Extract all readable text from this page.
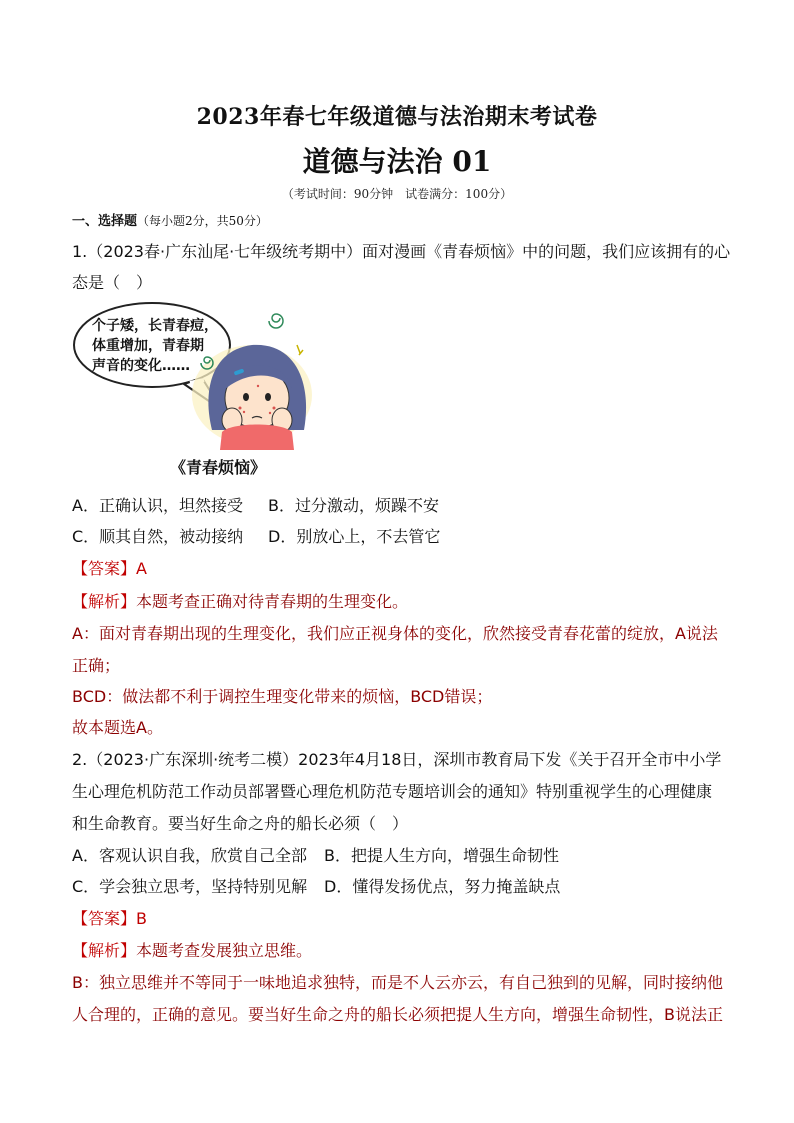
2023年春七年级道德与法治期末考试卷
道德与法治 01
（考试时间：90分钟　试卷满分：100分）
一、选择题（每小题2分，共50分）
1.（2023春·广东汕尾·七年级统考期中）面对漫画《青春烦恼》中的问题，我们应该拥有的心
态是（　）
个子矮，长青春痘，
体重增加，青春期
声音的变化……
《青春烦恼》
A．正确认识，坦然接受 B．过分激动，烦躁不安
C．顺其自然，被动接纳 D．别放心上，不去管它
【答案】A
【解析】本题考查正确对待青春期的生理变化。
A：面对青春期出现的生理变化，我们应正视身体的变化，欣然接受青春花蕾的绽放，A说法
正确；
BCD：做法都不利于调控生理变化带来的烦恼，BCD错误；
故本题选A。
2.（2023·广东深圳·统考二模）2023年4月18日，深圳市教育局下发《关于召开全市中小学
生心理危机防范工作动员部署暨心理危机防范专题培训会的通知》特别重视学生的心理健康
和生命教育。要当好生命之舟的船长必须（　）
A．客观认识自我，欣赏自己全部 B．把提人生方向，增强生命韧性
C．学会独立思考，坚持特别见解 D．懂得发扬优点，努力掩盖缺点
【答案】B
【解析】本题考查发展独立思维。
B：独立思维并不等同于一味地追求独特，而是不人云亦云，有自己独到的见解，同时接纳他
人合理的，正确的意见。要当好生命之舟的船长必须把提人生方向，增强生命韧性，B说法正
